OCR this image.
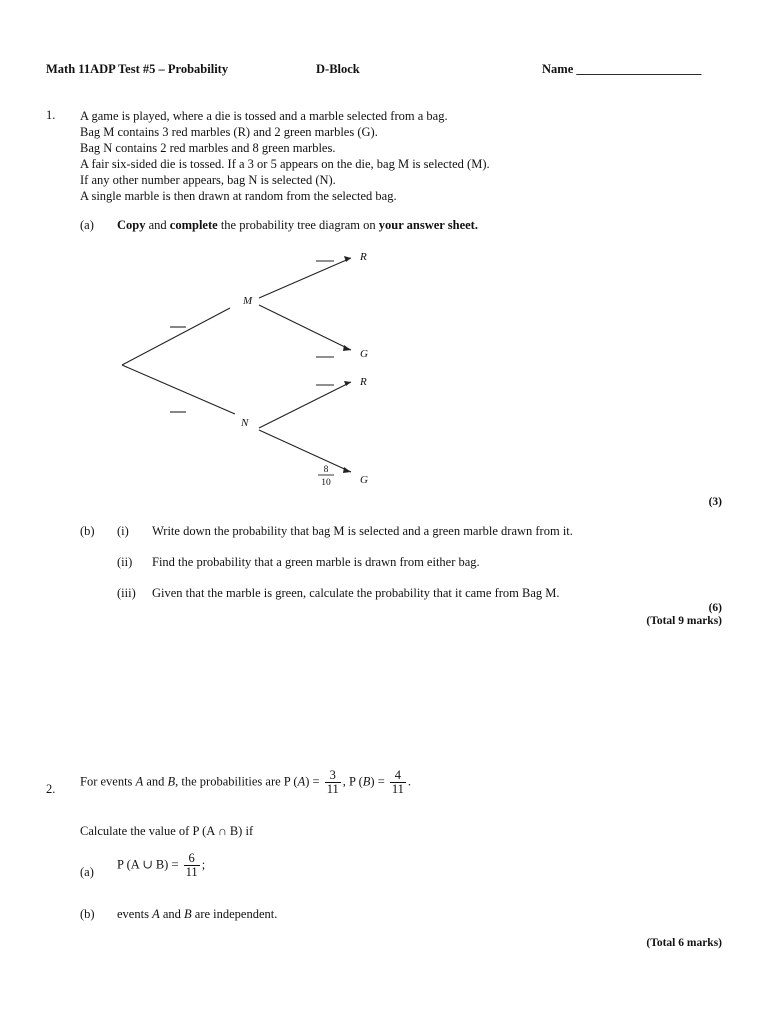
Math 11ADP Test #5 – Probability	D-Block	Name ____________________
1. A game is played, where a die is tossed and a marble selected from a bag.
Bag M contains 3 red marbles (R) and 2 green marbles (G).
Bag N contains 2 red marbles and 8 green marbles.
A fair six-sided die is tossed. If a 3 or 5 appears on the die, bag M is selected (M).
If any other number appears, bag N is selected (N).
A single marble is then drawn at random from the selected bag.
(a) Copy and complete the probability tree diagram on your answer sheet.
M
N
R
G
R
G
8
10
(3)
(b) (i) Write down the probability that bag M is selected and a green marble drawn from it.
(ii) Find the probability that a green marble is drawn from either bag.
(iii) Given that the marble is green, calculate the probability that it came from Bag M.
(6)
(Total 9 marks)
2.
For events A and B, the probabilities are P $(A) = \frac{3}{11}$ , P $(B) = \frac{4}{11}$ .
Calculate the value of P (A ∩ B) if
(a)
P (A ∪ $B) = \frac{6}{11}$ ;
(b) events A and B are independent.
(Total 6 marks)
